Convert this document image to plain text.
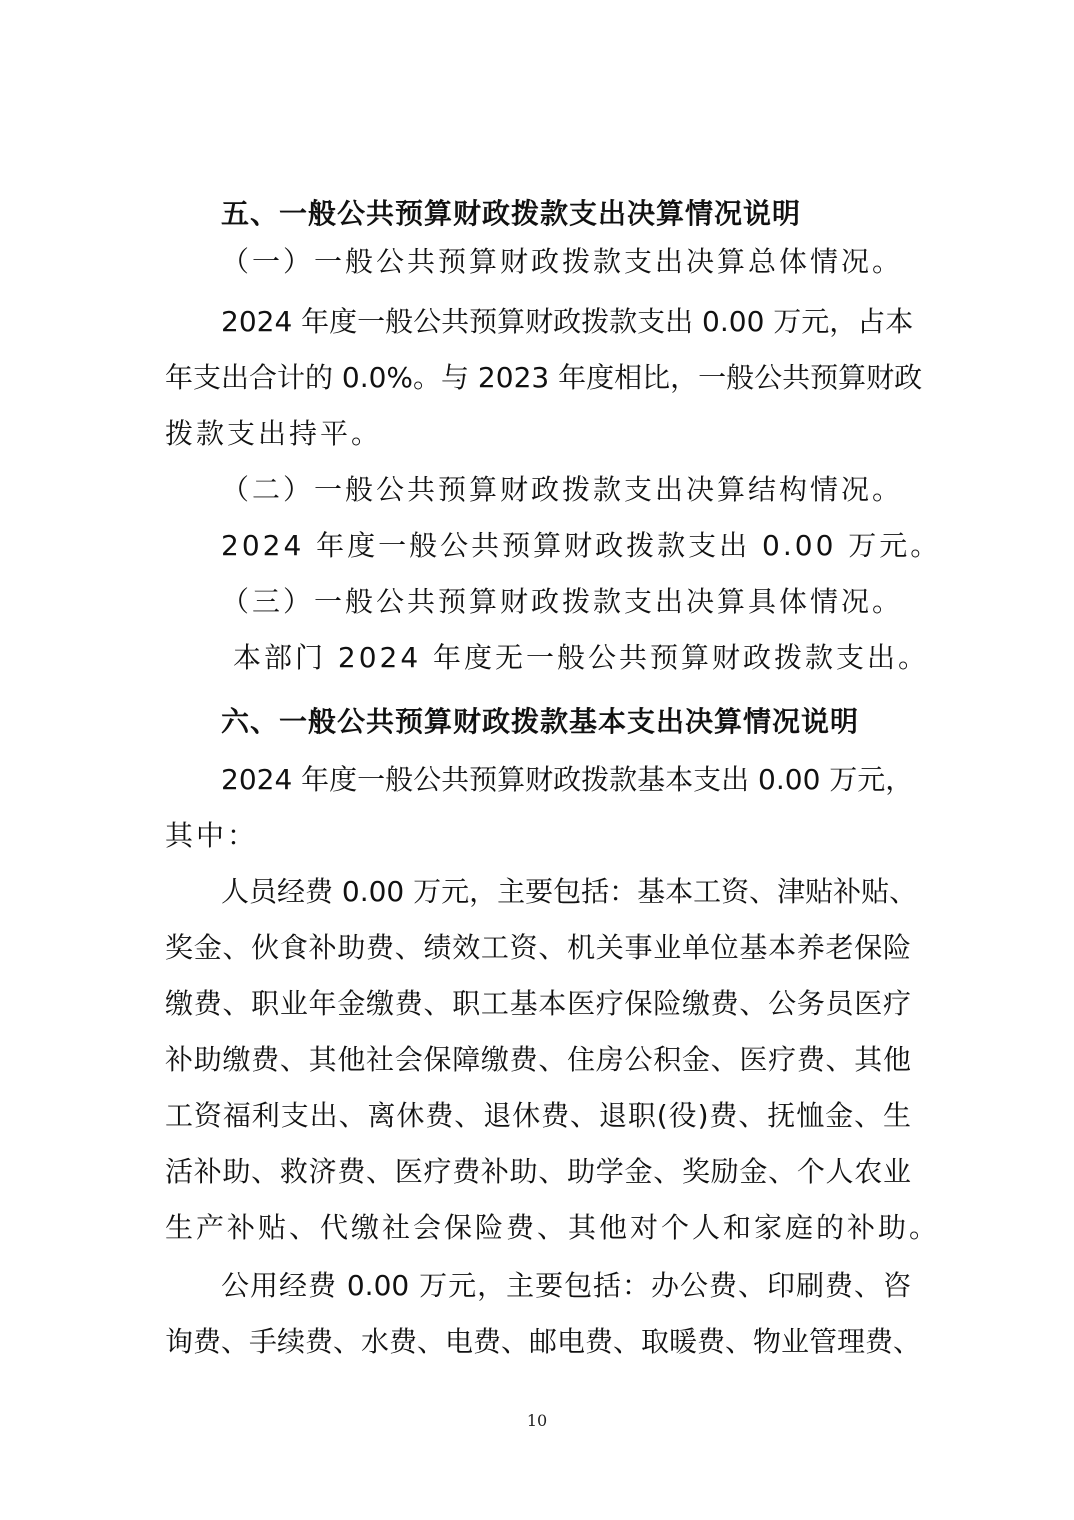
五、一般公共预算财政拨款支出决算情况说明
（一）一般公共预算财政拨款支出决算总体情况。
2024 年度一般公共预算财政拨款支出 0.00 万元，占本
年支出合计的 0.0%。与 2023 年度相比，一般公共预算财政
拨款支出持平。
（二）一般公共预算财政拨款支出决算结构情况。
2024 年度一般公共预算财政拨款支出 0.00 万元。
（三）一般公共预算财政拨款支出决算具体情况。
本部门 2024 年度无一般公共预算财政拨款支出。
六、一般公共预算财政拨款基本支出决算情况说明
2024 年度一般公共预算财政拨款基本支出 0.00 万元，
其中：
人员经费 0.00 万元，主要包括：基本工资、津贴补贴、
奖金、伙食补助费、绩效工资、机关事业单位基本养老保险
缴费、职业年金缴费、职工基本医疗保险缴费、公务员医疗
补助缴费、其他社会保障缴费、住房公积金、医疗费、其他
工资福利支出、离休费、退休费、退职(役)费、抚恤金、生
活补助、救济费、医疗费补助、助学金、奖励金、个人农业
生产补贴、代缴社会保险费、其他对个人和家庭的补助。
公用经费 0.00 万元，主要包括：办公费、印刷费、咨
询费、手续费、水费、电费、邮电费、取暖费、物业管理费、
10
